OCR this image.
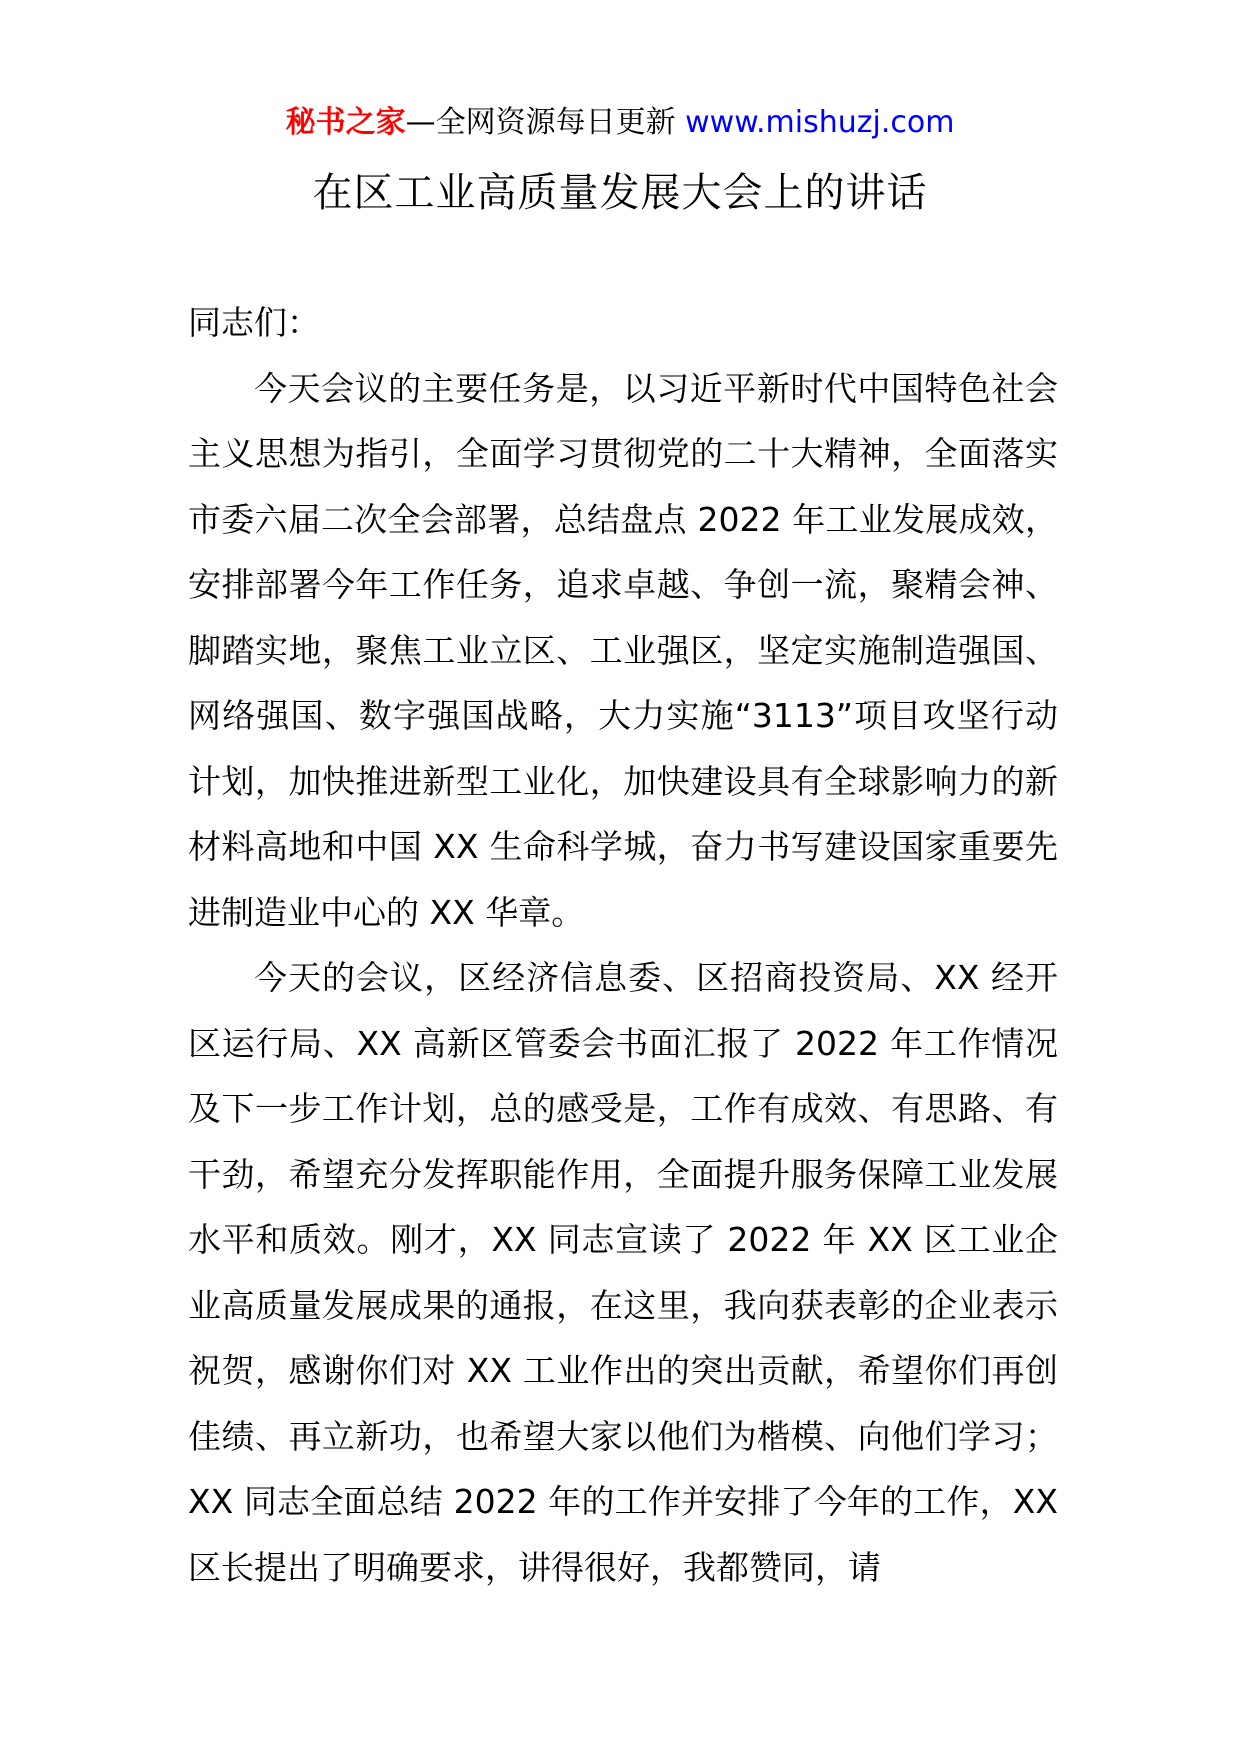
秘书之家—全网资源每日更新 www.mishuzj.com
在区工业高质量发展大会上的讲话

同志们：

今天会议的主要任务是，以习近平新时代中国特色社会主义思想为指引，全面学习贯彻党的二十大精神，全面落实市委六届二次全会部署，总结盘点 2022 年工业发展成效，安排部署今年工作任务，追求卓越、争创一流，聚精会神、脚踏实地，聚焦工业立区、工业强区，坚定实施制造强国、网络强国、数字强国战略，大力实施“3113”项目攻坚行动计划，加快推进新型工业化，加快建设具有全球影响力的新材料高地和中国 XX 生命科学城，奋力书写建设国家重要先进制造业中心的 XX 华章。

今天的会议，区经济信息委、区招商投资局、XX 经开区运行局、XX 高新区管委会书面汇报了 2022 年工作情况及下一步工作计划，总的感受是，工作有成效、有思路、有干劲，希望充分发挥职能作用，全面提升服务保障工业发展水平和质效。刚才，XX 同志宣读了 2022 年 XX 区工业企业高质量发展成果的通报，在这里，我向获表彰的企业表示祝贺，感谢你们对 XX 工业作出的突出贡献，希望你们再创佳绩、再立新功，也希望大家以他们为楷模、向他们学习；XX 同志全面总结 2022 年的工作并安排了今年的工作，XX 区长提出了明确要求，讲得很好，我都赞同，请
